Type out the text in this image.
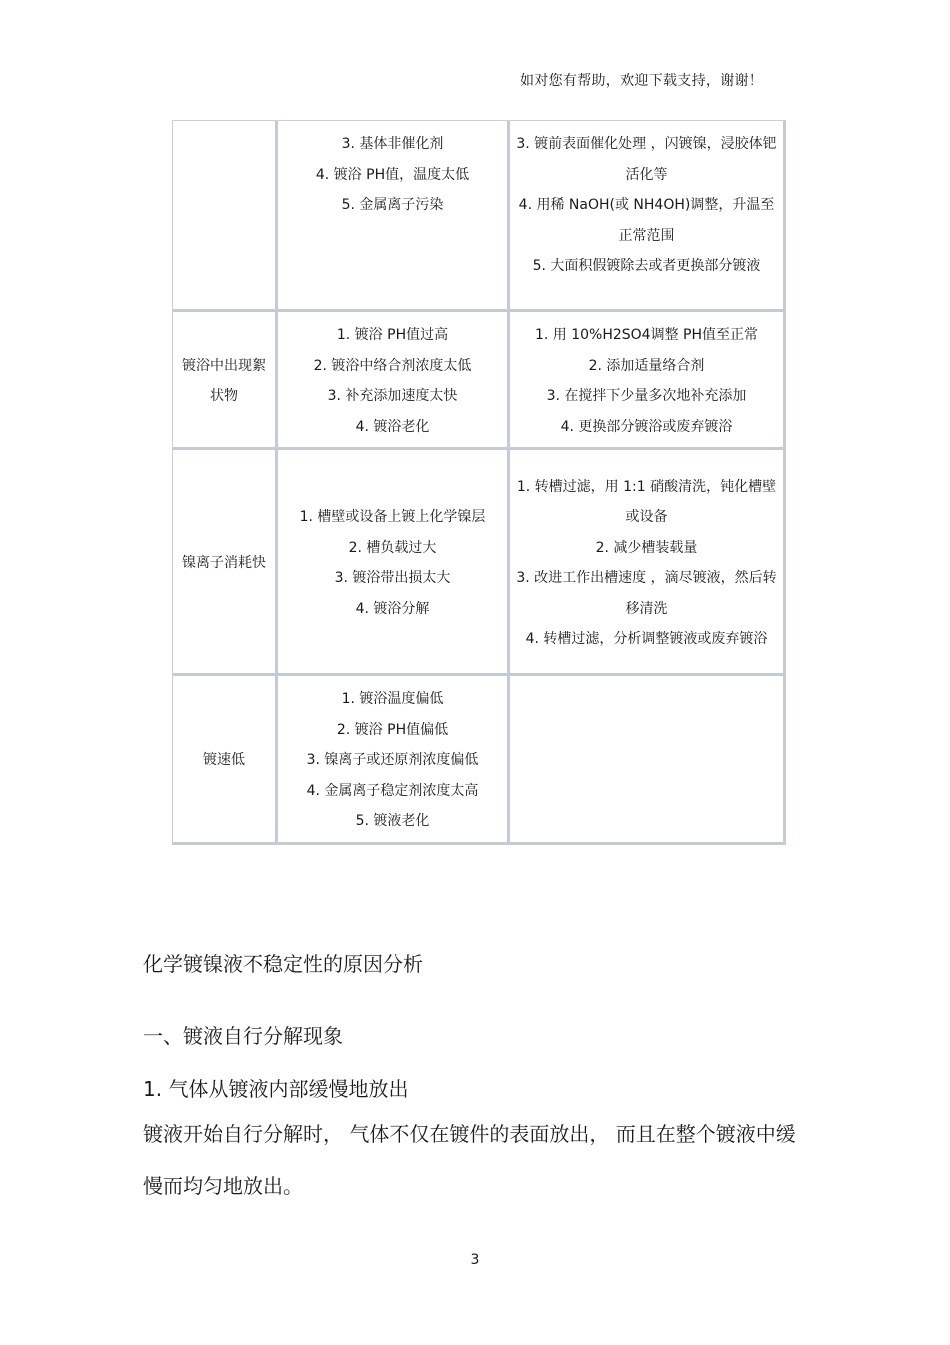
如对您有帮助，欢迎下载支持，谢谢！

	3. 基体非催化剂
4. 镀浴 PH值，温度太低
5. 金属离子污染	3. 镀前表面催化处理 ，闪镀镍，浸胶体钯活化等
4. 用稀 NaOH(或 NH4OH)调整，升温至正常范围
5. 大面积假镀除去或者更换部分镀液

镀浴中出现絮状物	1. 镀浴 PH值过高
2. 镀浴中络合剂浓度太低
3. 补充添加速度太快
4. 镀浴老化	1. 用 10%H2SO4调整 PH值至正常
2. 添加适量络合剂
3. 在搅拌下少量多次地补充添加
4. 更换部分镀浴或废弃镀浴

镍离子消耗快	1. 槽壁或设备上镀上化学镍层
2. 槽负载过大
3. 镀浴带出损太大
4. 镀浴分解	1. 转槽过滤，用 1:1 硝酸清洗，钝化槽壁或设备
2. 减少槽装载量
3. 改进工作出槽速度 ，滴尽镀液，然后转移清洗
4. 转槽过滤，分析调整镀液或废弃镀浴

镀速低	1. 镀浴温度偏低
2. 镀浴 PH值偏低
3. 镍离子或还原剂浓度偏低
4. 金属离子稳定剂浓度太高
5. 镀液老化	

化学镀镍液不稳定性的原因分析
一、镀液自行分解现象
1. 气体从镀液内部缓慢地放出
镀液开始自行分解时， 气体不仅在镀件的表面放出， 而且在整个镀液中缓慢而均匀地放出。
3
